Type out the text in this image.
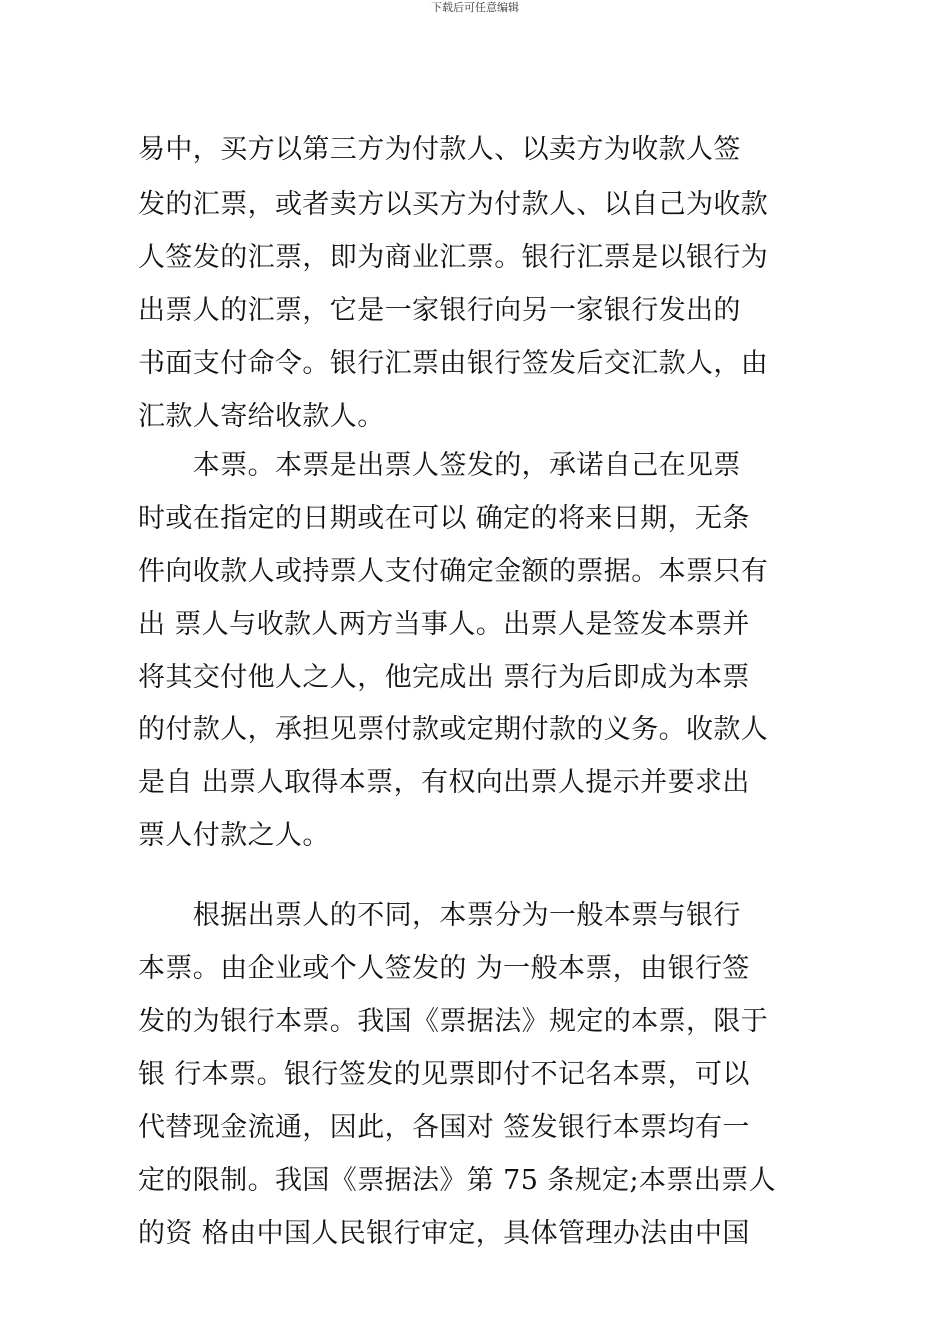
下载后可任意编辑
易中，买方以第三方为付款人、以卖方为收款人签
发的汇票，或者卖方以买方为付款人、以自己为收款
人签发的汇票，即为商业汇票。银行汇票是以银行为
出票人的汇票，它是一家银行向另一家银行发出的
书面支付命令。银行汇票由银行签发后交汇款人，由
汇款人寄给收款人。
　　本票。本票是出票人签发的，承诺自己在见票
时或在指定的日期或在可以 确定的将来日期，无条
件向收款人或持票人支付确定金额的票据。本票只有
出 票人与收款人两方当事人。出票人是签发本票并
将其交付他人之人，他完成出 票行为后即成为本票
的付款人，承担见票付款或定期付款的义务。收款人
是自 出票人取得本票，有权向出票人提示并要求出
票人付款之人。
　　根据出票人的不同，本票分为一般本票与银行
本票。由企业或个人签发的 为一般本票，由银行签
发的为银行本票。我国《票据法》规定的本票，限于
银 行本票。银行签发的见票即付不记名本票，可以
代替现金流通，因此，各国对 签发银行本票均有一
定的限制。我国《票据法》第 75 条规定;本票出票人
的资 格由中国人民银行审定，具体管理办法由中国
